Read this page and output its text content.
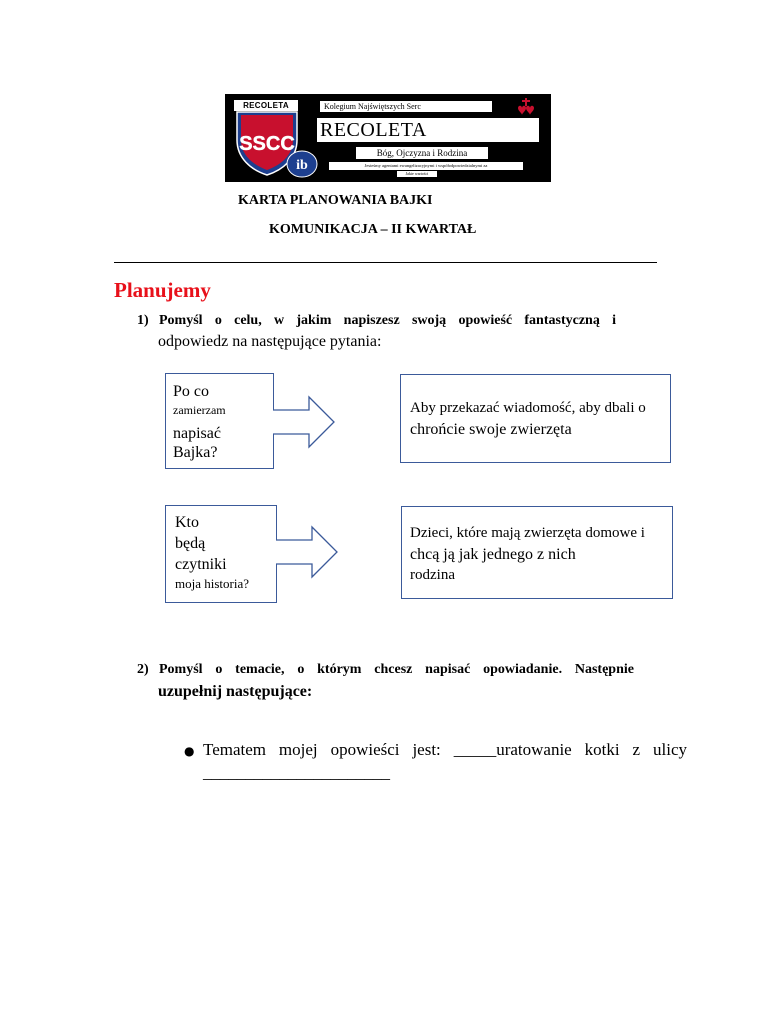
SSCC
RECOLETA
ib
Kolegium Najświętszych Serc
RECOLETA
Bóg, Ojczyzna i Rodzina
Jesteśmy agentami ewangelizacyjnymi i współodpowiedzialnymi za
Jakie wartości
KARTA PLANOWANIA BAJKI
KOMUNIKACJA – II KWARTAŁ
Planujemy
1) Pomyśl o celu, w jakim napiszesz swoją opowieść fantastyczną i
odpowiedz na następujące pytania:
Po co
zamierzam
napisać
Bajka?
Aby przekazać wiadomość, aby dbali o
chrońcie swoje zwierzęta
Kto
będą
czytniki
moja historia?
Dzieci, które mają zwierzęta domowe i
chcą ją jak jednego z nich
rodzina
2) Pomyśl o temacie, o którym chcesz napisać opowiadanie. Następnie
uzupełnij następujące:
● Tematem mojej opowieści jest: _____uratowanie kotki z ulicy
______________________
